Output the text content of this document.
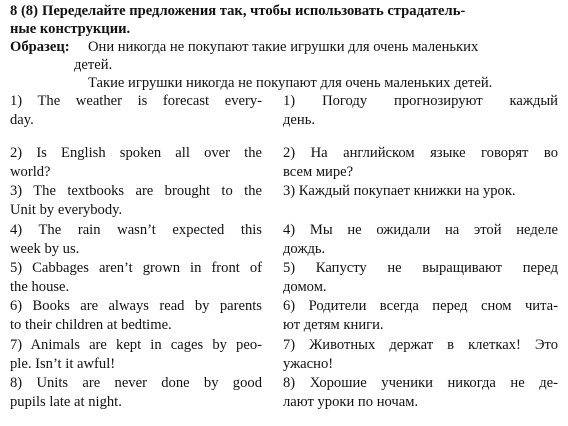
8 (8) Переделайте предложения так, чтобы использовать страдатель-
ные конструкции.
Образец: Они никогда не покупают такие игрушки для очень маленьких
детей.
Такие игрушки никогда не покупают для очень маленьких детей.
1) The weather is forecast every-
day.
1) Погоду прогнозируют каждый
день.
2) Is English spoken all over the
world?
2) На английском языке говорят во
всем мире?
3) The textbooks are brought to the
Unit by everybody.
3) Каждый покупает книжки на урок.
4) The rain wasn’t expected this
week by us.
4) Мы не ожидали на этой неделе
дождь.
5) Cabbages aren’t grown in front of
the house.
5) Капусту не выращивают перед
домом.
6) Books are always read by parents
to their children at bedtime.
6) Родители всегда перед сном чита-
ют детям книги.
7) Animals are kept in cages by peo-
ple. Isn’t it awful!
7) Животных держат в клетках! Это
ужасно!
8) Units are never done by good
pupils late at night.
8) Хорошие ученики никогда не де-
лают уроки по ночам.
